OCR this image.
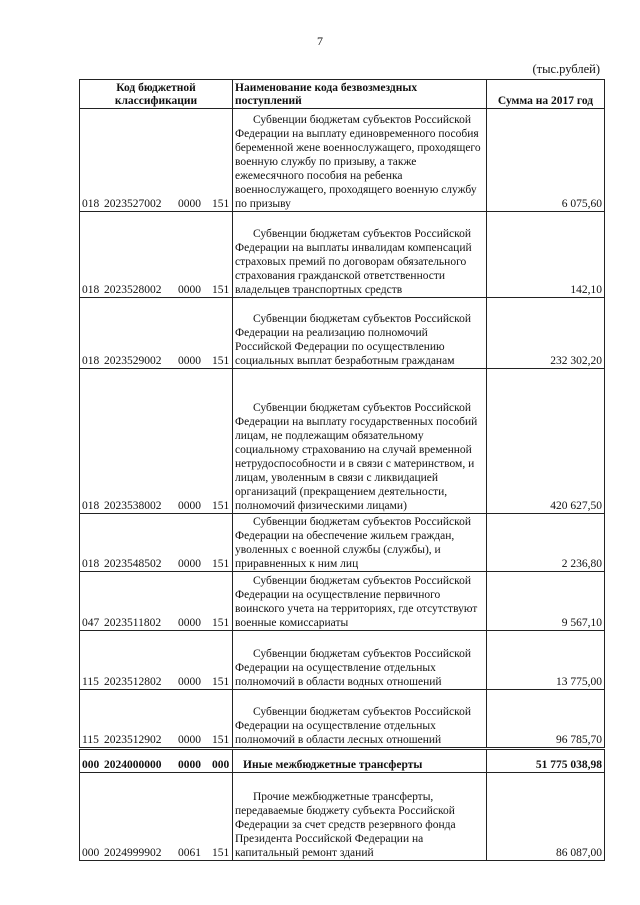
7
(тыс.рублей)
Код бюджетной классификации	Наименование кода безвозмездных поступлений	Сумма на 2017 год
018 2023527002 0000 151	Субвенции бюджетам субъектов Российской Федерации на выплату единовременного пособия беременной жене военнослужащего, проходящего военную службу по призыву, а также ежемесячного пособия на ребенка военнослужащего, проходящего военную службу по призыву	6 075,60
018 2023528002 0000 151	Субвенции бюджетам субъектов Российской Федерации на выплаты инвалидам компенсаций страховых премий по договорам обязательного страхования гражданской ответственности владельцев транспортных средств	142,10
018 2023529002 0000 151	Субвенции бюджетам субъектов Российской Федерации на реализацию полномочий Российской Федерации по осуществлению социальных выплат безработным гражданам	232 302,20
018 2023538002 0000 151	Субвенции бюджетам субъектов Российской Федерации на выплату государственных пособий лицам, не подлежащим обязательному социальному страхованию на случай временной нетрудоспособности и в связи с материнством, и лицам, уволенным в связи с ликвидацией организаций (прекращением деятельности, полномочий физическими лицами)	420 627,50
018 2023548502 0000 151	Субвенции бюджетам субъектов Российской Федерации на обеспечение жильем граждан, уволенных с военной службы (службы), и приравненных к ним лиц	2 236,80
047 2023511802 0000 151	Субвенции бюджетам субъектов Российской Федерации на осуществление первичного воинского учета на территориях, где отсутствуют военные комиссариаты	9 567,10
115 2023512802 0000 151	Субвенции бюджетам субъектов Российской Федерации на осуществление отдельных полномочий в области водных отношений	13 775,00
115 2023512902 0000 151	Субвенции бюджетам субъектов Российской Федерации на осуществление отдельных полномочий в области лесных отношений	96 785,70
000 2024000000 0000 000	Иные межбюджетные трансферты	51 775 038,98
000 2024999902 0061 151	Прочие межбюджетные трансферты, передаваемые бюджету субъекта Российской Федерации за счет средств резервного фонда Президента Российской Федерации на капитальный ремонт зданий	86 087,00
